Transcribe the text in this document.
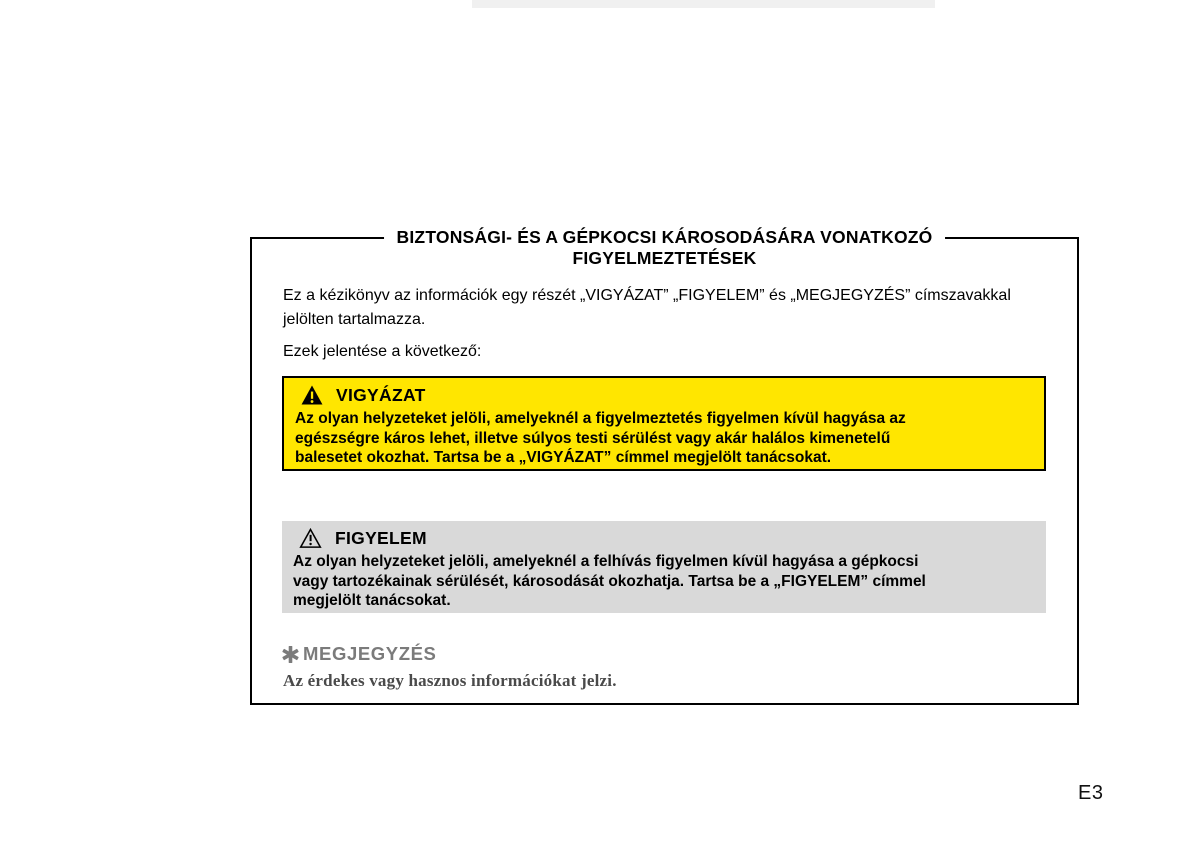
BIZTONSÁGI- ÉS A GÉPKOCSI KÁROSODÁSÁRA VONATKOZÓ
FIGYELMEZTETÉSEK
Ez a kézikönyv az információk egy részét „VIGYÁZAT” „FIGYELEM” és „MEGJEGYZÉS” címszavakkal
jelölten tartalmazza.
Ezek jelentése a következő:
VIGYÁZAT
Az olyan helyzeteket jelöli, amelyeknél a figyelmeztetés figyelmen kívül hagyása az
egészségre káros lehet, illetve súlyos testi sérülést vagy akár halálos kimenetelű
balesetet okozhat. Tartsa be a „VIGYÁZAT” címmel megjelölt tanácsokat.
FIGYELEM
Az olyan helyzeteket jelöli, amelyeknél a felhívás figyelmen kívül hagyása a gépkocsi
vagy tartozékainak sérülését, károsodását okozhatja. Tartsa be a „FIGYELEM” címmel
megjelölt tanácsokat.
MEGJEGYZÉS
Az érdekes vagy hasznos információkat jelzi.
E3
